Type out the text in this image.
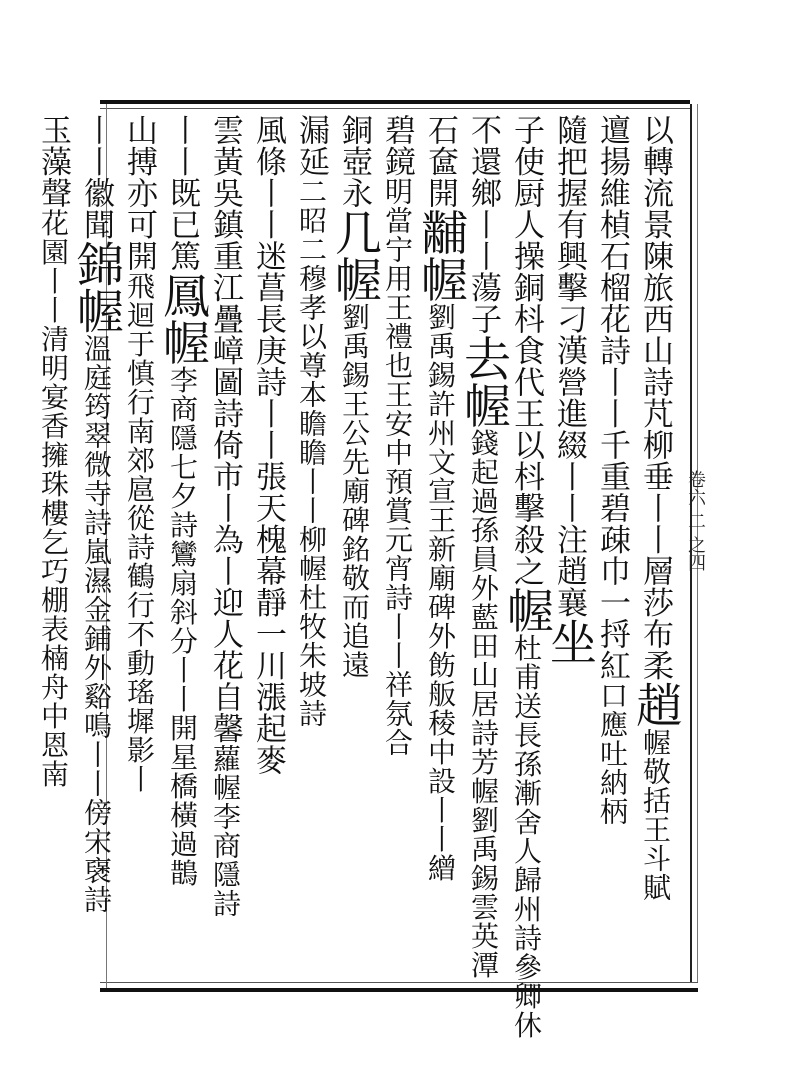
卷六 二 之四
以轉流景陳旅西山詩芃柳垂丨丨層莎布柔趙幄敬括王斗賦
邅揚維楨石榴花詩丨丨千重碧疎巾一捋紅口應吐納柄
隨把握有興擊刁漢營進綴丨丨注趙襄坐
子使厨人操銅枓食代王以枓擊殺之幄杜甫送長孫漸舍人歸州詩參卿休
不還鄉丨丨蕩子去幄錢起過孫員外藍田山居詩芳幄劉禹錫雲英潭
石奩開黼幄劉禹錫許州文宣王新廟碑外飭舨稜中設丨丨繒
碧鏡明當宁用王禮也王安中預賞元宵詩丨丨祥氛合
銅壺永几幄劉禹錫王公先廟碑銘敬而追遠
漏延二昭二穆孝以尊本瞻瞻丨丨柳幄杜牧朱坡詩
風條丨丨迷菖長庚詩丨丨張天槐幕靜一川漲起麥
雲黃吳鎮重江疊嶂圖詩倚市丨為丨迎人花自馨蘿幄李商隱詩
丨丨既已篤鳳幄李商隱七夕詩鸞扇斜分丨丨開星橋橫過鵲
山搏亦可開飛迴于慎行南郊扈從詩鶴行不動瑤墀影丨
丨丨徽聞錦幄溫庭筠翠微寺詩嵐濕金鋪外谿鳴丨丨傍宋襃詩
玉藻聲花園丨丨清明宴香擁珠樓乞巧棚表楠舟中恩南
